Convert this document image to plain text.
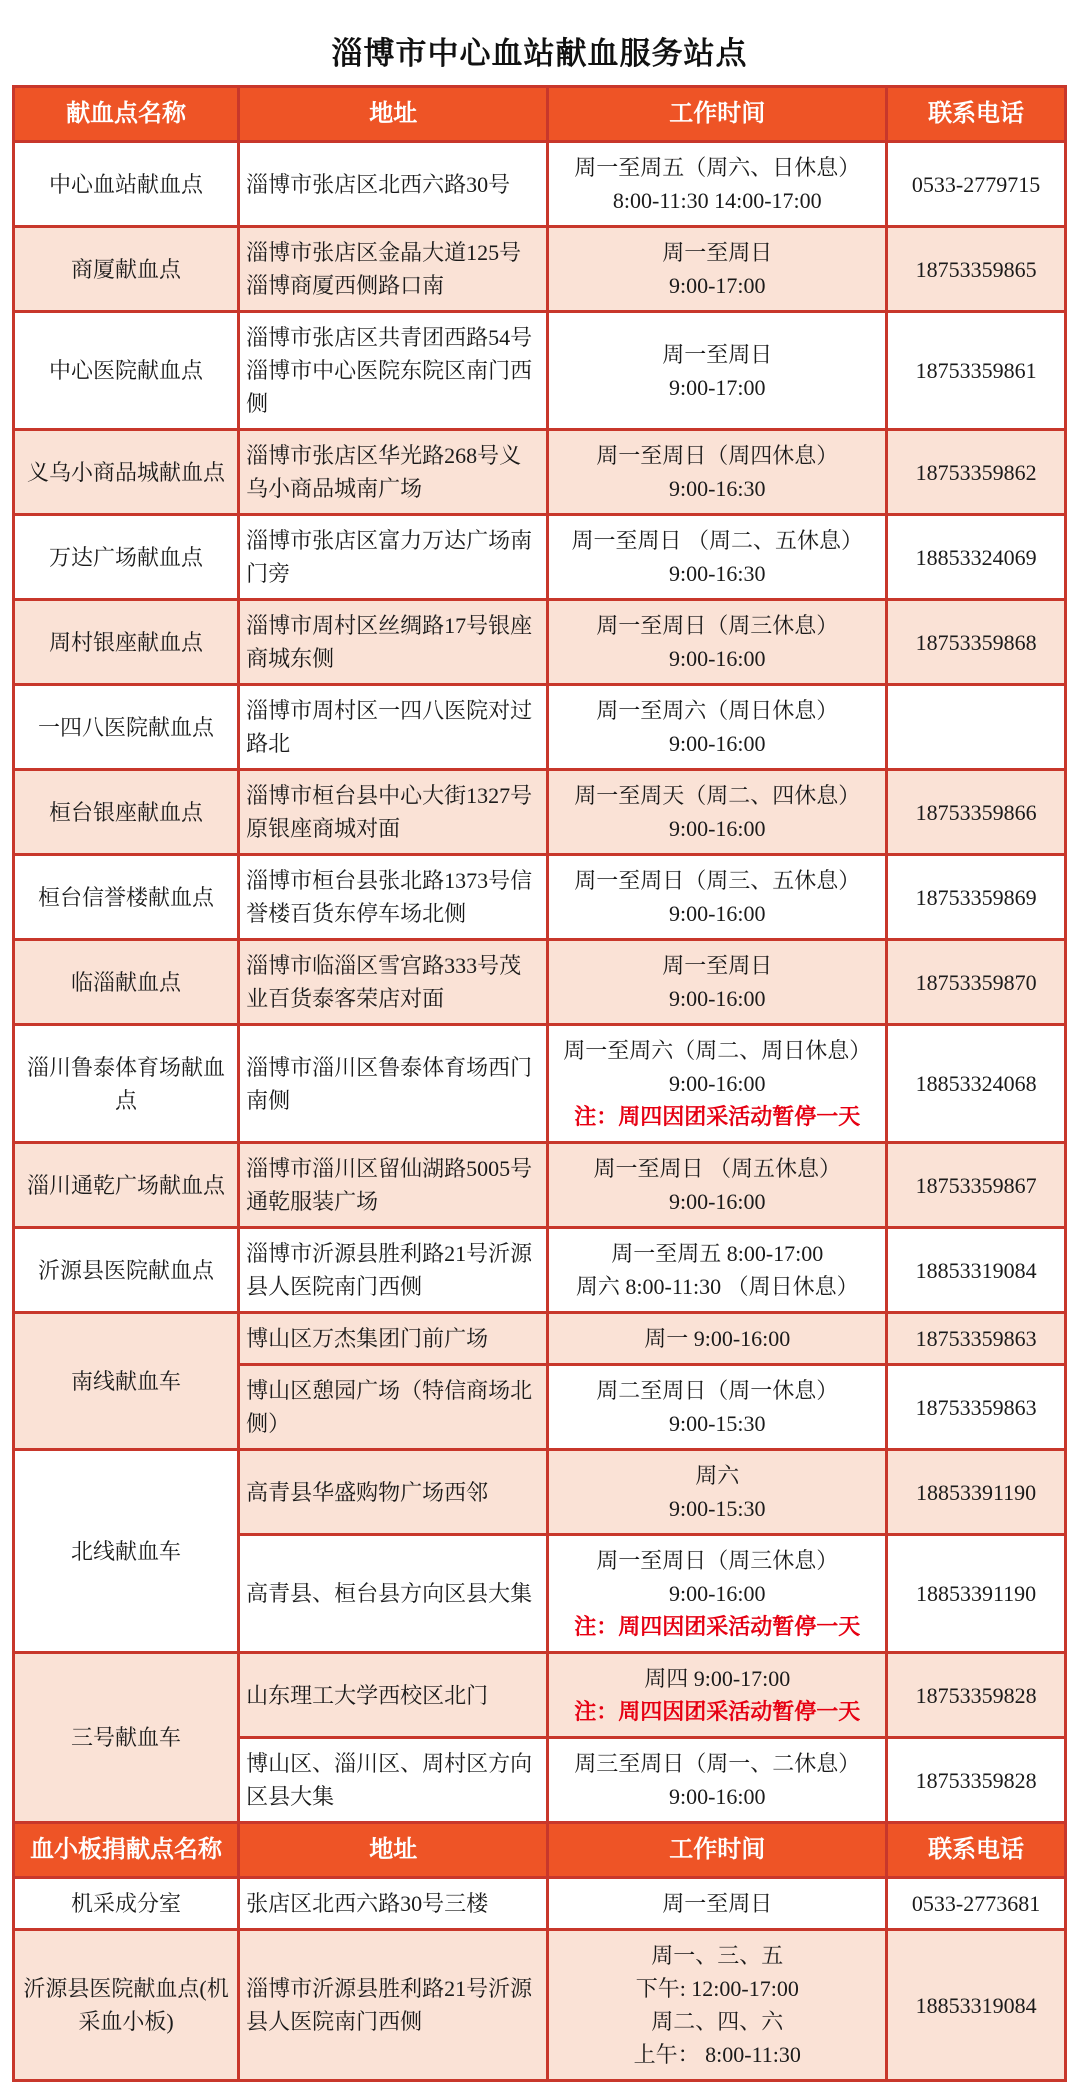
淄博市中心血站献血服务站点
献血点名称	地址	工作时间	联系电话
中心血站献血点	淄博市张店区北西六路30号	周一至周五（周六、日休息）
8:00-11:30 14:00-17:00	0533-2779715
商厦献血点	淄博市张店区金晶大道125号淄博商厦西侧路口南	周一至周日
9:00-17:00	18753359865
中心医院献血点	淄博市张店区共青团西路54号淄博市中心医院东院区南门西侧	周一至周日
9:00-17:00	18753359861
义乌小商品城献血点	淄博市张店区华光路268号义乌小商品城南广场	周一至周日（周四休息）
9:00-16:30	18753359862
万达广场献血点	淄博市张店区富力万达广场南门旁	周一至周日 （周二、五休息）
9:00-16:30	18853324069
周村银座献血点	淄博市周村区丝绸路17号银座商城东侧	周一至周日（周三休息）
9:00-16:00	18753359868
一四八医院献血点	淄博市周村区一四八医院对过路北	周一至周六（周日休息）
9:00-16:00	

桓台银座献血点	淄博市桓台县中心大街1327号原银座商城对面	周一至周天（周二、四休息）
9:00-16:00	18753359866
桓台信誉楼献血点	淄博市桓台县张北路1373号信誉楼百货东停车场北侧	周一至周日（周三、五休息）
9:00-16:00	18753359869
临淄献血点	淄博市临淄区雪宫路333号茂业百货泰客荣店对面	周一至周日
9:00-16:00	18753359870
淄川鲁泰体育场献血点	淄博市淄川区鲁泰体育场西门南侧	周一至周六（周二、周日休息）
9:00-16:00
注：周四因团采活动暂停一天	18853324068
淄川通乾广场献血点	淄博市淄川区留仙湖路5005号通乾服装广场	周一至周日 （周五休息）
9:00-16:00	18753359867
沂源县医院献血点	淄博市沂源县胜利路21号沂源县人医院南门西侧	周一至周五 8:00-17:00
周六 8:00-11:30 （周日休息）	18853319084
南线献血车	博山区万杰集团门前广场	周一 9:00-16:00	18753359863
	博山区憩园广场（特信商场北侧）	周二至周日（周一休息）
9:00-15:30	18753359863
北线献血车	高青县华盛购物广场西邻	周六
9:00-15:30	18853391190
	高青县、桓台县方向区县大集	周一至周日（周三休息）
9:00-16:00
注：周四因团采活动暂停一天	18853391190
三号献血车	山东理工大学西校区北门	周四 9:00-17:00
注：周四因团采活动暂停一天	18753359828
	博山区、淄川区、周村区方向区县大集	周三至周日（周一、二休息）
9:00-16:00	18753359828
血小板捐献点名称	地址	工作时间	联系电话
机采成分室	张店区北西六路30号三楼	周一至周日	0533-2773681
沂源县医院献血点(机采血小板)	淄博市沂源县胜利路21号沂源县人医院南门西侧	周一、三、五
下午: 12:00-17:00
周二、四、六
上午： 8:00-11:30	18853319084
